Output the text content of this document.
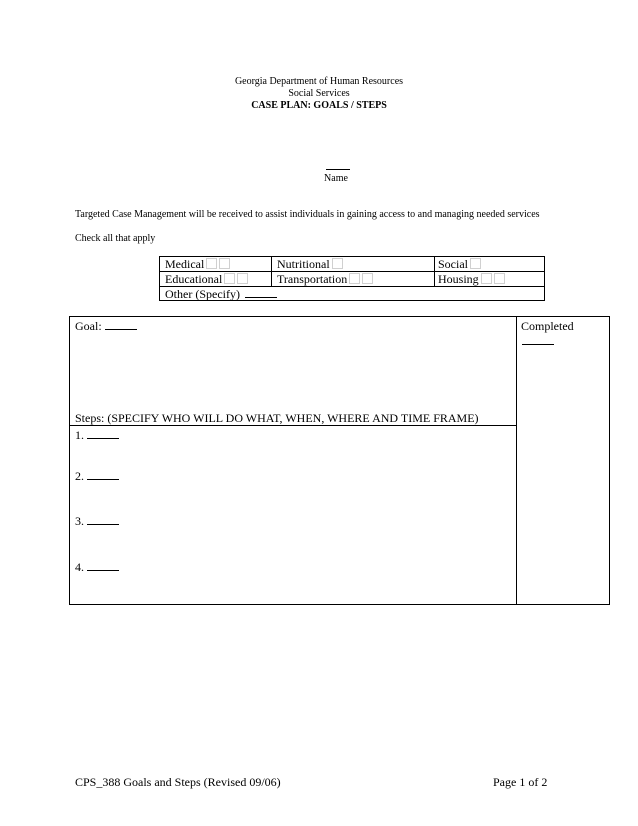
Georgia Department of Human Resources
Social Services
CASE PLAN: GOALS / STEPS
Name
Targeted Case Management will be received to assist individuals in gaining access to and managing needed services
Check all that apply
Medical	Nutritional	Social
Educational	Transportation	Housing
Other (Specify)
Goal:	Completed
Steps: (SPECIFY WHO WILL DO WHAT, WHEN, WHERE AND TIME FRAME)
1.
2.
3.
4.
CPS_388 Goals and Steps (Revised 09/06)	Page 1 of 2
